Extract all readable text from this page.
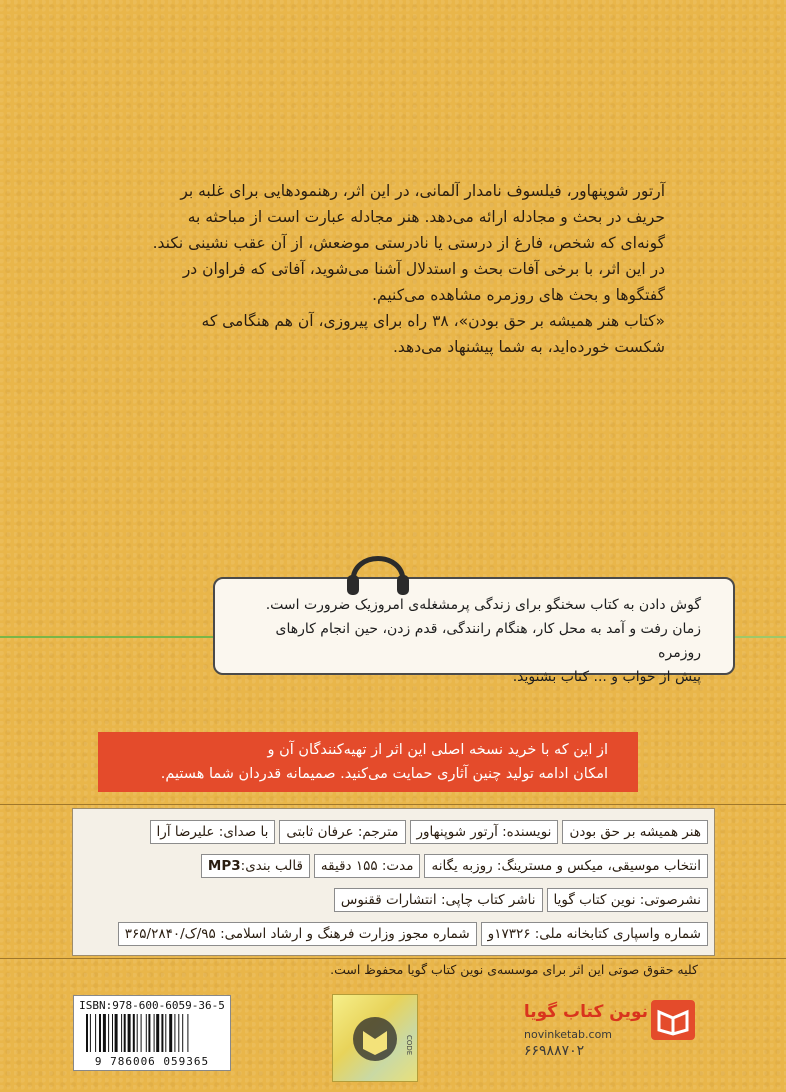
آرتور شوپنهاور، فیلسوف نامدار آلمانی، در این اثر، رهنمودهایی برای غلبه بر

حریف در بحث و مجادله ارائه می‌دهد. هنر مجادله عبارت است از مباحثه به

گونه‌ای که شخص، فارغ از درستی یا نادرستی موضعش، از آن عقب نشینی نکند.

در این اثر، با برخی آفات بحث و استدلال آشنا می‌شوید، آفاتی که فراوان در

گفتگوها و بحث های روزمره مشاهده می‌کنیم.

«کتاب هنر همیشه بر حق بودن»، ۳۸ راه برای پیروزی، آن هم هنگامی که

شکست خورده‌اید، به شما پیشنهاد می‌دهد.

گوش دادن به کتاب سخنگو برای زندگی پرمشغله‌ی امروزیک ضرورت است.
زمان رفت و آمد به محل کار، هنگام رانندگی، قدم زدن، حین انجام کارهای روزمره
پیش از خواب و ... کتاب بشنوید.
از این که با خرید نسخه اصلی این اثر از تهیه‌کنندگان آن و
امکان ادامه تولید چنین آثاری حمایت می‌کنید. صمیمانه قدردان شما هستیم.
هنر همیشه بر حق بودن
نویسنده: آرتور شوپنهاور
مترجم: عرفان ثابتی
با صدای: علیرضا آرا
انتخاب موسیقی، میکس و مسترینگ: روزبه یگانه
مدت: ۱۵۵ دقیقه
قالب بندی:
MP3
نشرصوتی: نوین کتاب گویا
ناشر کتاب چاپی: انتشارات ققنوس
شماره واسپاری کتابخانه ملی: ۱۷۳۲۶و
شماره مجوز وزارت فرهنگ و ارشاد اسلامی: ۹۵/ک/۳۶۵/۲۸۴۰
کلیه حقوق صوتی این اثر برای موسسه‌ی نوین کتاب گویا محفوظ است.
ISBN:978-600-6059-36-5
9 786006 059365
CODE
نوین کتاب گویا
novinketab.com
۶۶۹۸۸۷۰۲
